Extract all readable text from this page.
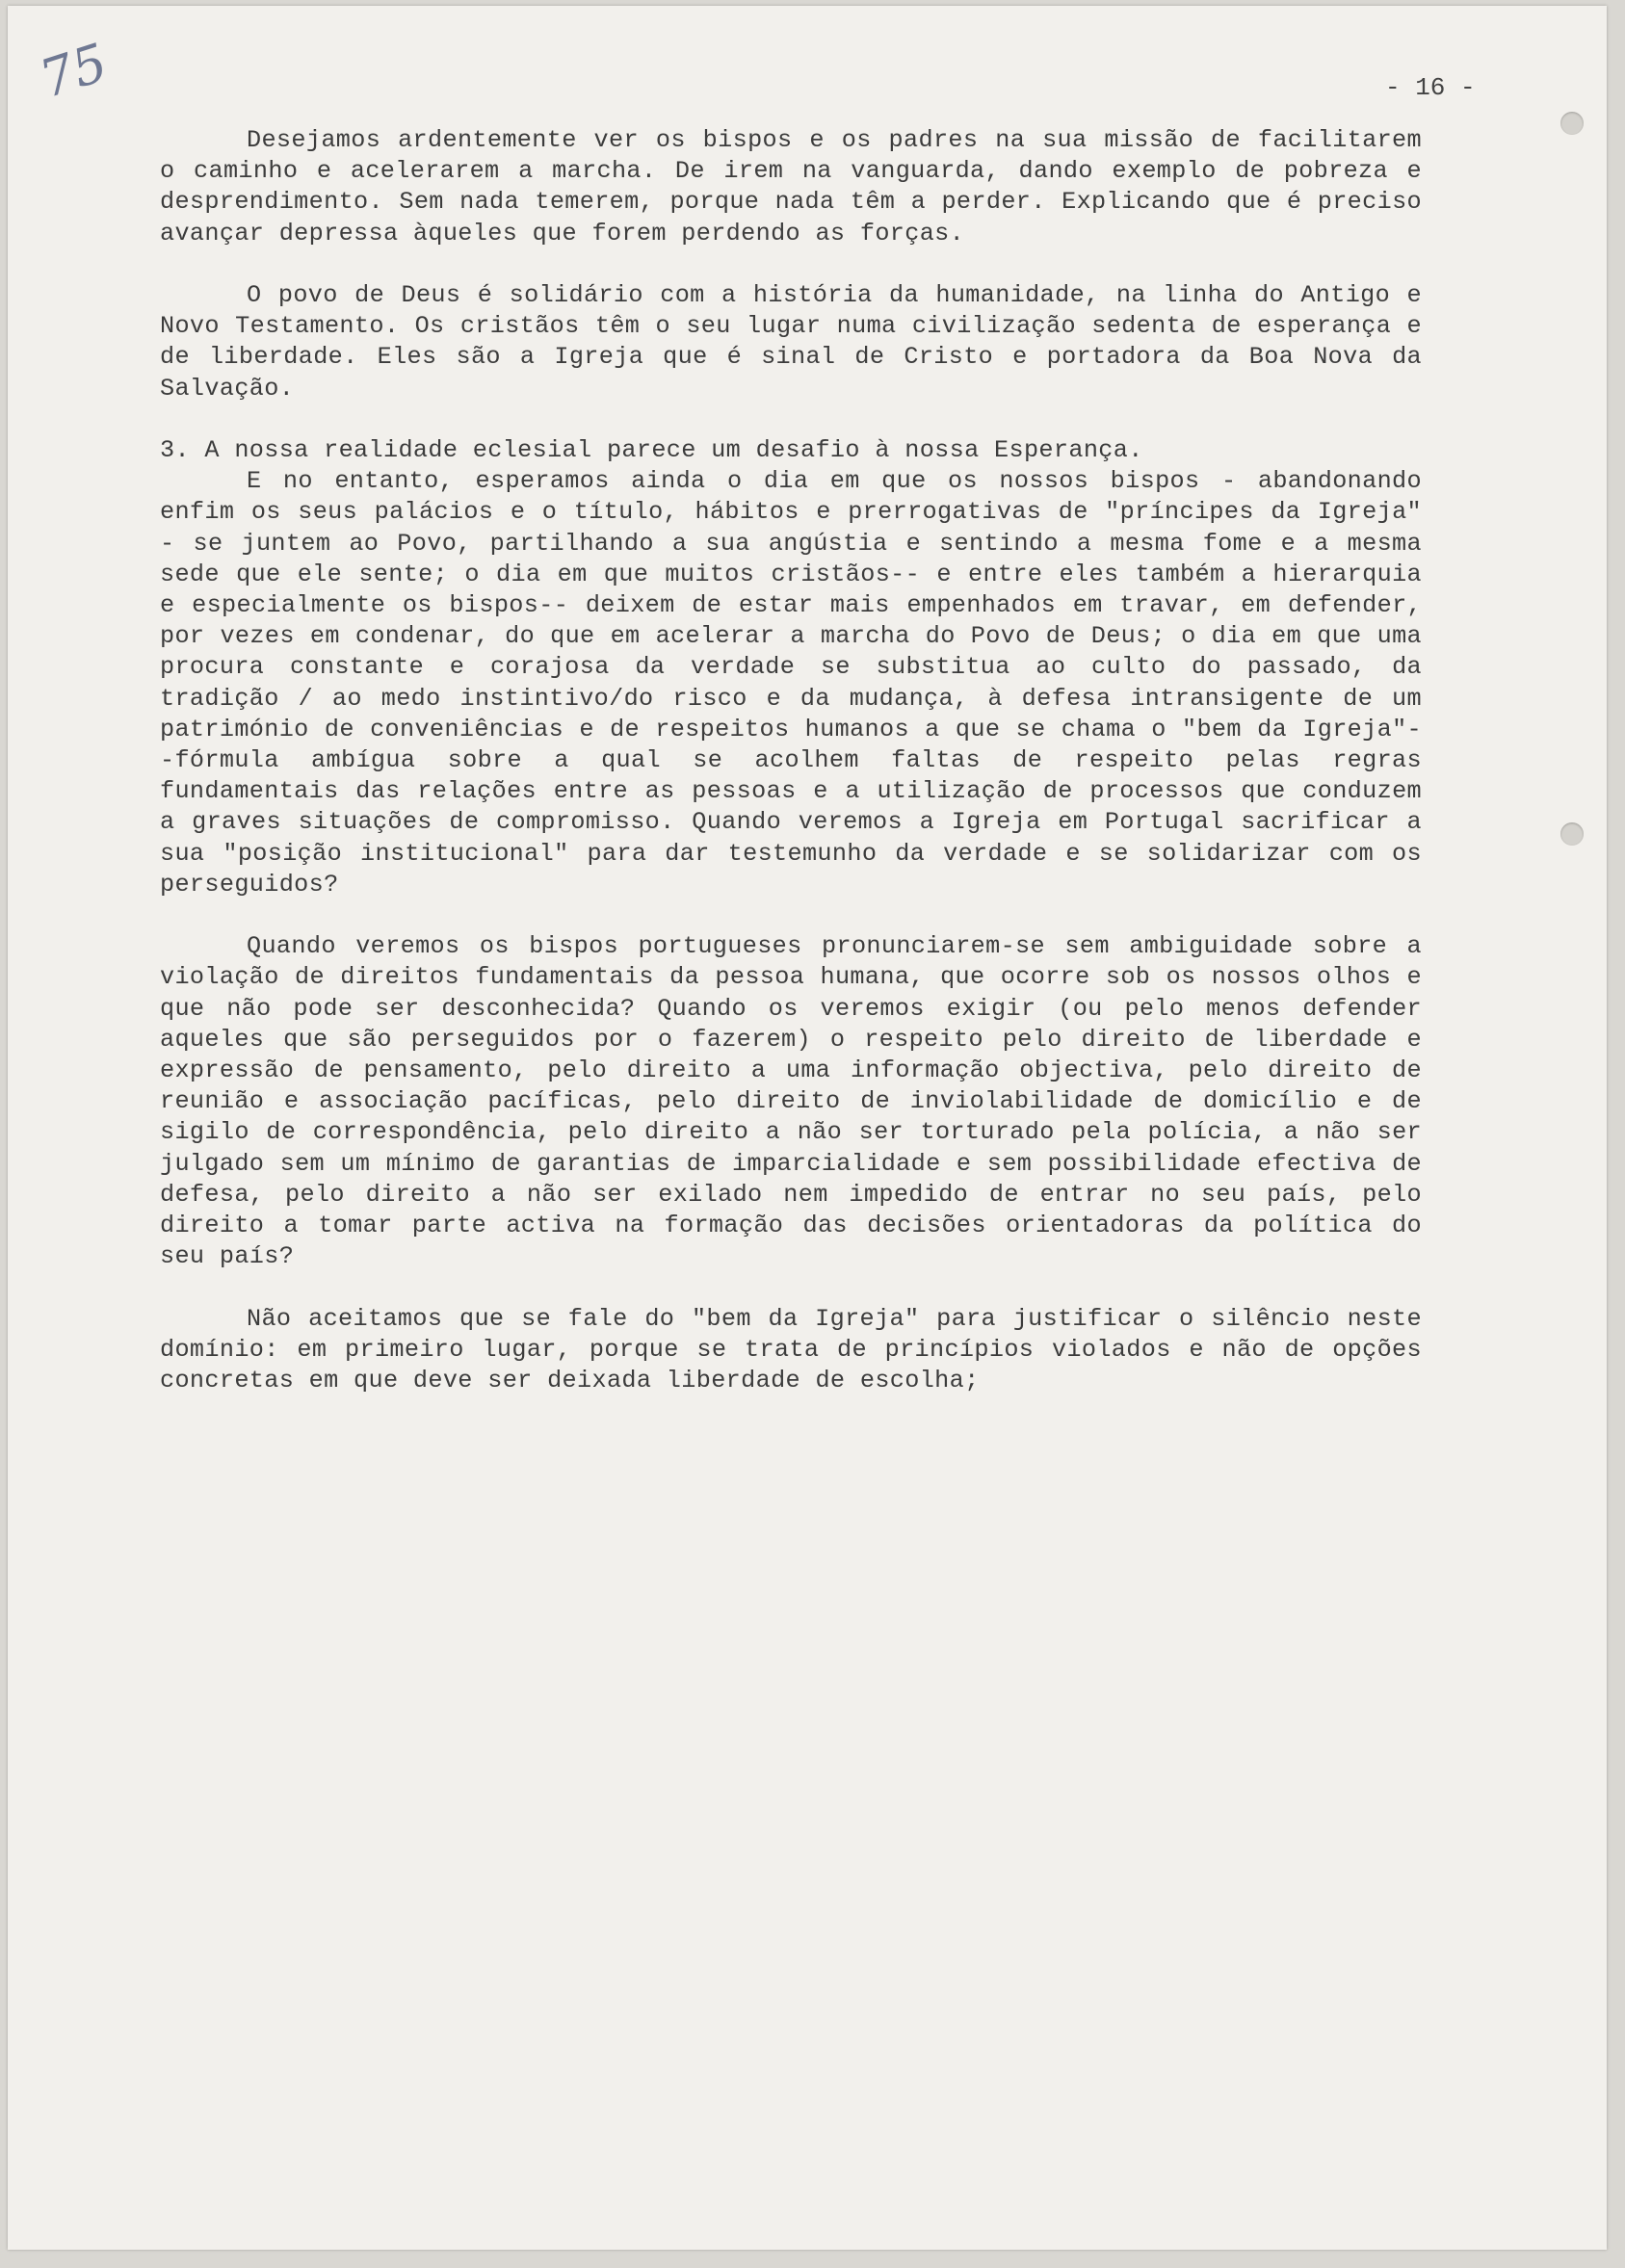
75	- 16 -

Desejamos ardentemente ver os bispos e os padres na sua missão de facilitarem o caminho e acelerarem a marcha. De irem na vanguarda, dando exemplo de pobreza e desprendimento. Sem nada temerem, porque nada têm a perder. Explicando que é preciso avançar depressa àqueles que forem perdendo as forças.

O povo de Deus é solidário com a história da humanidade, na linha do Antigo e Novo Testamento. Os cristãos têm o seu lugar numa civilização sedenta de esperança e de liberdade. Eles são a Igreja que é sinal de Cristo e portadora da Boa Nova da Salvação.

3. A nossa realidade eclesial parece um desafio à nossa Esperança.

E no entanto, esperamos ainda o dia em que os nossos bispos - abandonando enfim os seus palácios e o título, hábitos e prerrogativas de "príncipes da Igreja" - se juntem ao Povo, partilhando a sua angústia e sentindo a mesma fome e a mesma sede que ele sente; o dia em que muitos cristãos-- e entre eles também a hierarquia e especialmente os bispos-- deixem de estar mais empenhados em travar, em defender, por vezes em condenar, do que em acelerar a marcha do Povo de Deus; o dia em que uma procura constante e corajosa da verdade se substitua ao culto do passado, da tradição / ao medo instintivo/do risco e da mudança, à defesa intransigente de um património de conveniências e de respeitos humanos a que se chama o "bem da Igreja"--fórmula ambígua sobre a qual se acolhem faltas de respeito pelas regras fundamentais das relações entre as pessoas e a utilização de processos que conduzem a graves situações de compromisso. Quando veremos a Igreja em Portugal sacrificar a sua "posição institucional" para dar testemunho da verdade e se solidarizar com os perseguidos?

Quando veremos os bispos portugueses pronunciarem-se sem ambiguidade sobre a violação de direitos fundamentais da pessoa humana, que ocorre sob os nossos olhos e que não pode ser desconhecida? Quando os veremos exigir (ou pelo menos defender aqueles que são perseguidos por o fazerem) o respeito pelo direito de liberdade e expressão de pensamento, pelo direito a uma informação objectiva, pelo direito de reunião e associação pacíficas, pelo direito de inviolabilidade de domicílio e de sigilo de correspondência, pelo direito a não ser torturado pela polícia, a não ser julgado sem um mínimo de garantias de imparcialidade e sem possibilidade efectiva de defesa, pelo direito a não ser exilado nem impedido de entrar no seu país, pelo direito a tomar parte activa na formação das decisões orientadoras da política do seu país?

Não aceitamos que se fale do "bem da Igreja" para justificar o silêncio neste domínio: em primeiro lugar, porque se trata de princípios violados e não de opções concretas em que deve ser deixada liberdade de escolha;
